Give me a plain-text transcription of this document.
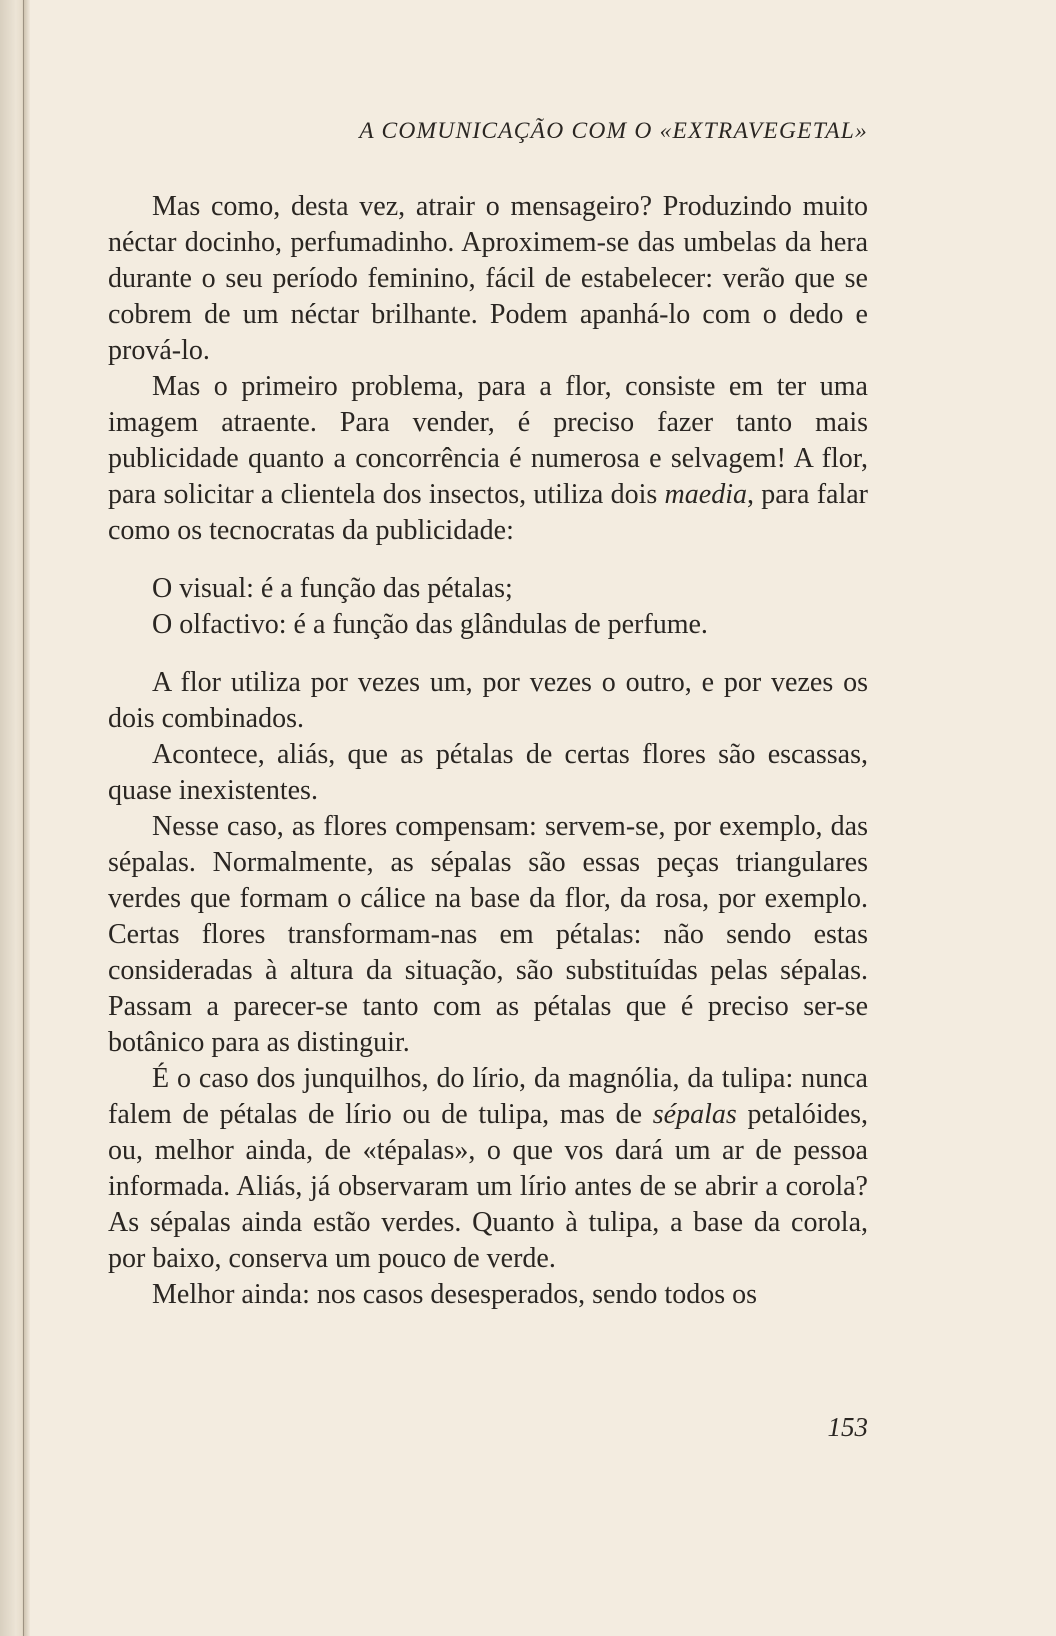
A COMUNICAÇÃO COM O «EXTRAVEGETAL»

Mas como, desta vez, atrair o mensageiro? Produzindo muito néctar docinho, perfumadinho. Aproximem-se das umbelas da hera durante o seu período feminino, fácil de estabelecer: verão que se cobrem de um néctar brilhante. Podem apanhá-lo com o dedo e prová-lo.

Mas o primeiro problema, para a flor, consiste em ter uma imagem atraente. Para vender, é preciso fazer tanto mais publicidade quanto a concorrência é numerosa e selvagem! A flor, para solicitar a clientela dos insectos, utiliza dois maedia, para falar como os tecnocratas da publicidade:

O visual: é a função das pétalas;

O olfactivo: é a função das glândulas de perfume.

A flor utiliza por vezes um, por vezes o outro, e por vezes os dois combinados.

Acontece, aliás, que as pétalas de certas flores são escassas, quase inexistentes.

Nesse caso, as flores compensam: servem-se, por exemplo, das sépalas. Normalmente, as sépalas são essas peças triangulares verdes que formam o cálice na base da flor, da rosa, por exemplo. Certas flores transformam-nas em pétalas: não sendo estas consideradas à altura da situação, são substituídas pelas sépalas. Passam a parecer-se tanto com as pétalas que é preciso ser-se botânico para as distinguir.

É o caso dos junquilhos, do lírio, da magnólia, da tulipa: nunca falem de pétalas de lírio ou de tulipa, mas de sépalas petalóides, ou, melhor ainda, de «tépalas», o que vos dará um ar de pessoa informada. Aliás, já observaram um lírio antes de se abrir a corola? As sépalas ainda estão verdes. Quanto à tulipa, a base da corola, por baixo, conserva um pouco de verde.

Melhor ainda: nos casos desesperados, sendo todos os

153
